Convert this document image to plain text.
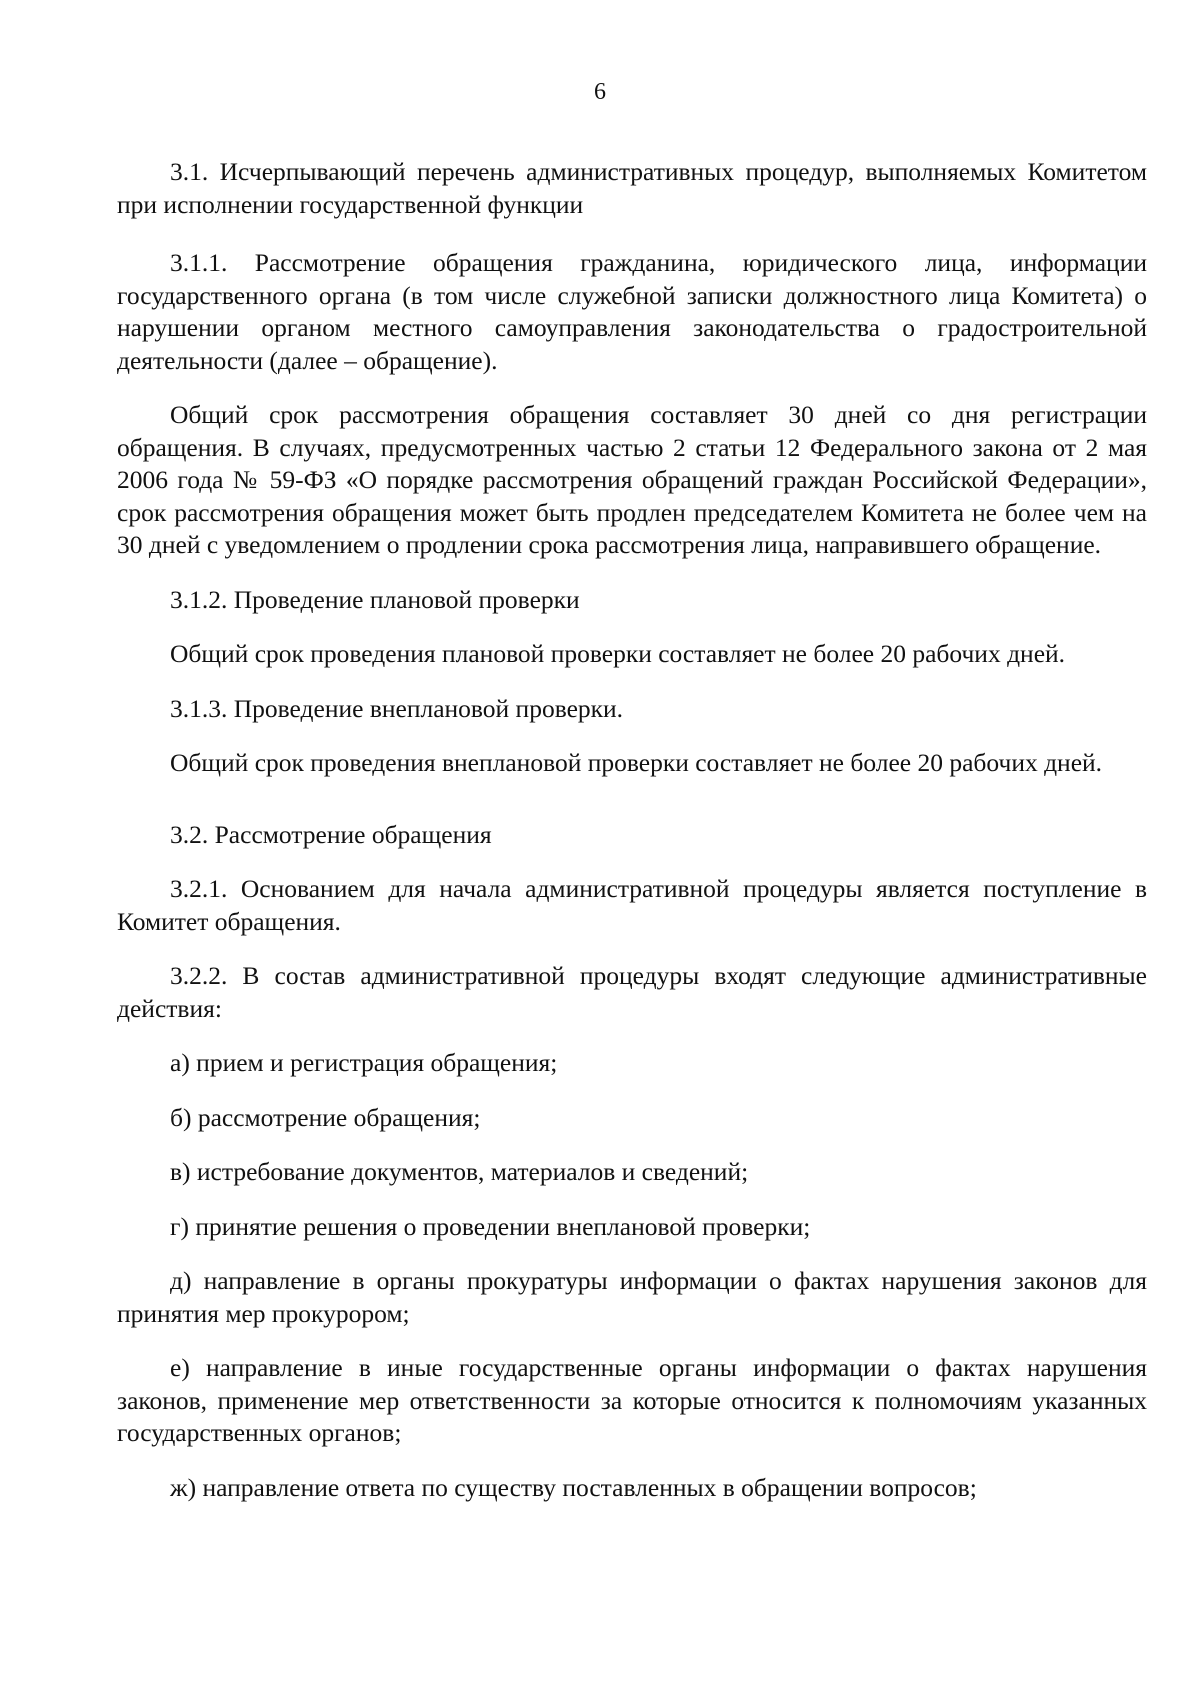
6

3.1. Исчерпывающий перечень административных процедур, выполняемых Комитетом при исполнении государственной функции

3.1.1. Рассмотрение обращения гражданина, юридического лица, информации государственного органа (в том числе служебной записки должностного лица Комитета) о нарушении органом местного самоуправления законодательства о градостроительной деятельности (далее – обращение).

Общий срок рассмотрения обращения составляет 30 дней со дня регистрации обращения. В случаях, предусмотренных частью 2 статьи 12 Федерального закона от 2 мая 2006 года № 59-ФЗ «О порядке рассмотрения обращений граждан Российской Федерации», срок рассмотрения обращения может быть продлен председателем Комитета не более чем на 30 дней с уведомлением о продлении срока рассмотрения лица, направившего обращение.

3.1.2. Проведение плановой проверки

Общий срок проведения плановой проверки составляет не более 20 рабочих дней.

3.1.3. Проведение внеплановой проверки.

Общий срок проведения внеплановой проверки составляет не более 20 рабочих дней.

3.2. Рассмотрение обращения

3.2.1. Основанием для начала административной процедуры является поступление в Комитет обращения.

3.2.2. В состав административной процедуры входят следующие административные действия:

а) прием и регистрация обращения;

б) рассмотрение обращения;

в) истребование документов, материалов и сведений;

г) принятие решения о проведении внеплановой проверки;

д) направление в органы прокуратуры информации о фактах нарушения законов для принятия мер прокурором;

е) направление в иные государственные органы информации о фактах нарушения законов, применение мер ответственности за которые относится к полномочиям указанных государственных органов;

ж) направление ответа по существу поставленных в обращении вопросов;
